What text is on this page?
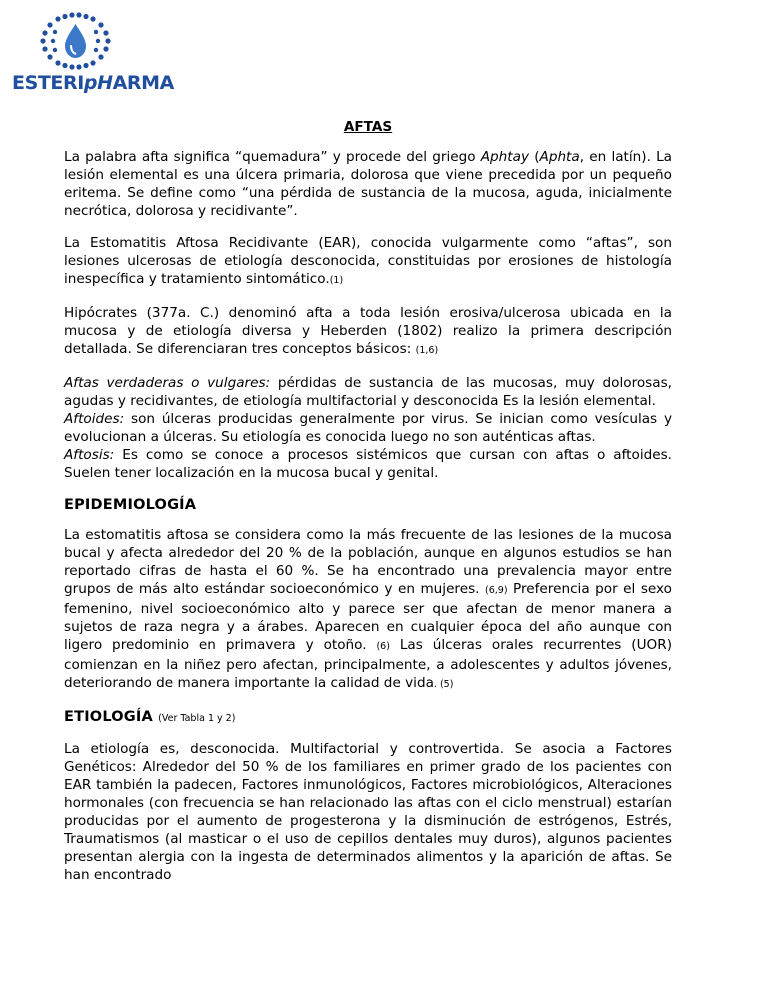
ESTERIpHARMA
AFTAS

La palabra afta significa “quemadura” y procede del griego Aphtay (Aphta, en latín). La lesión elemental es una úlcera primaria, dolorosa que viene precedida por un pequeño eritema. Se define como “una pérdida de sustancia de la mucosa, aguda, inicialmente necrótica, dolorosa y recidivante”.

La Estomatitis Aftosa Recidivante (EAR), conocida vulgarmente como “aftas”, son lesiones ulcerosas de etiología desconocida, constituidas por erosiones de histología inespecífica y tratamiento sintomático.(1)

Hipócrates (377a. C.) denominó afta a toda lesión erosiva/ulcerosa ubicada en la mucosa y de etiología diversa y Heberden (1802) realizo la primera descripción detallada. Se diferenciaran tres conceptos básicos: (1,6)

Aftas verdaderas o vulgares: pérdidas de sustancia de las mucosas, muy dolorosas, agudas y recidivantes, de etiología multifactorial y desconocida Es la lesión elemental.

Aftoides: son úlceras producidas generalmente por virus. Se inician como vesículas y evolucionan a úlceras. Su etiología es conocida luego no son auténticas aftas.

Aftosis: Es como se conoce a procesos sistémicos que cursan con aftas o aftoides. Suelen tener localización en la mucosa bucal y genital.

EPIDEMIOLOGÍA

La estomatitis aftosa se considera como la más frecuente de las lesiones de la mucosa bucal y afecta alrededor del 20 % de la población, aunque en algunos estudios se han reportado cifras de hasta el 60 %. Se ha encontrado una prevalencia mayor entre grupos de más alto estándar socioeconómico y en mujeres. (6,9) Preferencia por el sexo femenino, nivel socioeconómico alto y parece ser que afectan de menor manera a sujetos de raza negra y a árabes. Aparecen en cualquier época del año aunque con ligero predominio en primavera y otoño. (6) Las úlceras orales recurrentes (UOR) comienzan en la niñez pero afectan, principalmente, a adolescentes y adultos jóvenes, deteriorando de manera importante la calidad de vida. (5)

ETIOLOGÍA (Ver Tabla 1 y 2)

La etiología es, desconocida. Multifactorial y controvertida. Se asocia a Factores Genéticos: Alrededor del 50 % de los familiares en primer grado de los pacientes con EAR también la padecen, Factores inmunológicos, Factores microbiológicos, Alteraciones hormonales (con frecuencia se han relacionado las aftas con el ciclo menstrual) estarían producidas por el aumento de progesterona y la disminución de estrógenos, Estrés, Traumatismos (al masticar o el uso de cepillos dentales muy duros), algunos pacientes presentan alergia con la ingesta de determinados alimentos y la aparición de aftas. Se han encontrado
